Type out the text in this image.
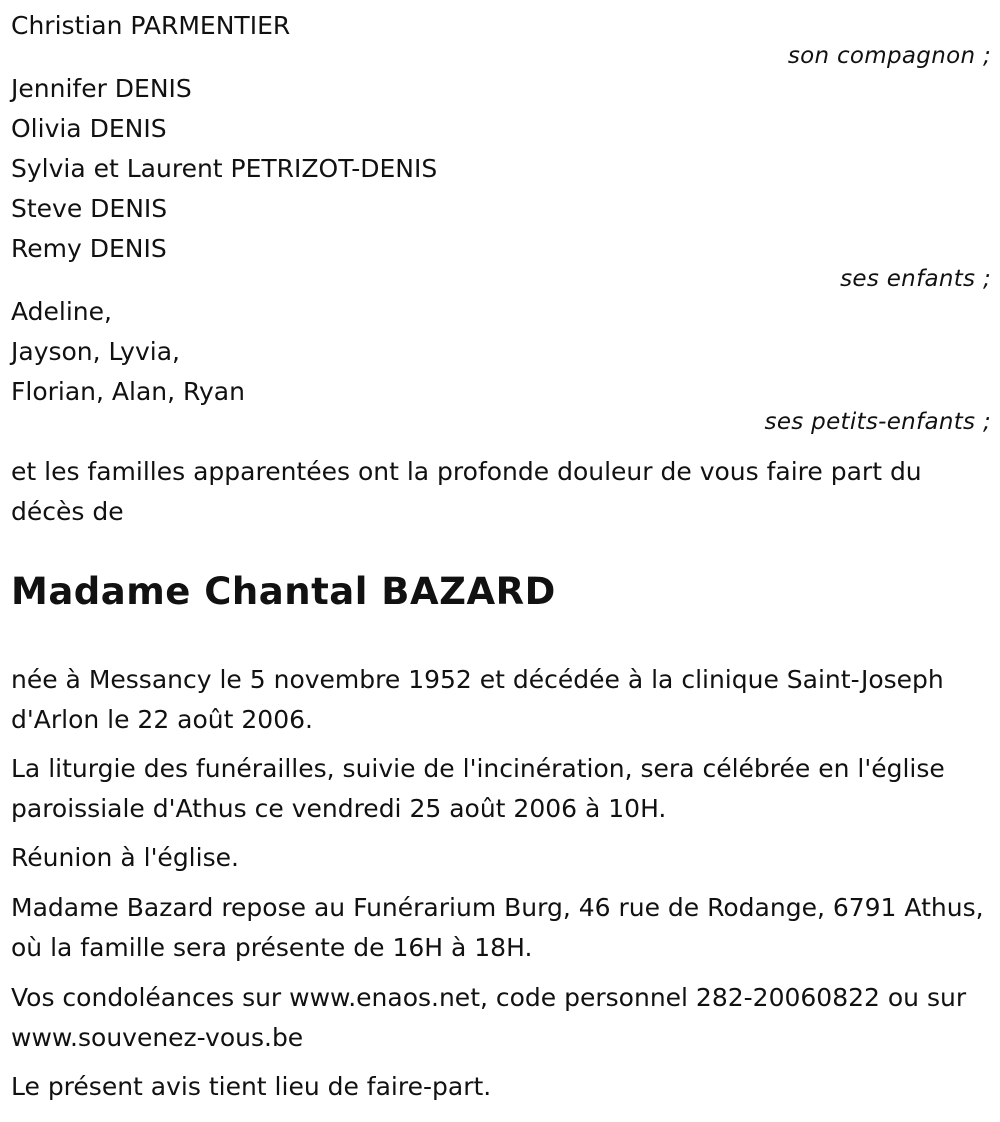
Christian PARMENTIER
son compagnon ;
Jennifer DENIS
Olivia DENIS
Sylvia et Laurent PETRIZOT-DENIS
Steve DENIS
Remy DENIS
ses enfants ;
Adeline,
Jayson, Lyvia,
Florian, Alan, Ryan
ses petits-enfants ;

et les familles apparentées ont la profonde douleur de vous faire part du décès de

Madame Chantal BAZARD

née à Messancy le 5 novembre 1952 et décédée à la clinique Saint-Joseph d'Arlon le 22 août 2006.

La liturgie des funérailles, suivie de l'incinération, sera célébrée en l'église paroissiale d'Athus ce vendredi 25 août 2006 à 10H.

Réunion à l'église.

Madame Bazard repose au Funérarium Burg, 46 rue de Rodange, 6791 Athus, où la famille sera présente de 16H à 18H.

Vos condoléances sur www.enaos.net, code personnel 282-20060822 ou sur www.souvenez-vous.be

Le présent avis tient lieu de faire-part.
